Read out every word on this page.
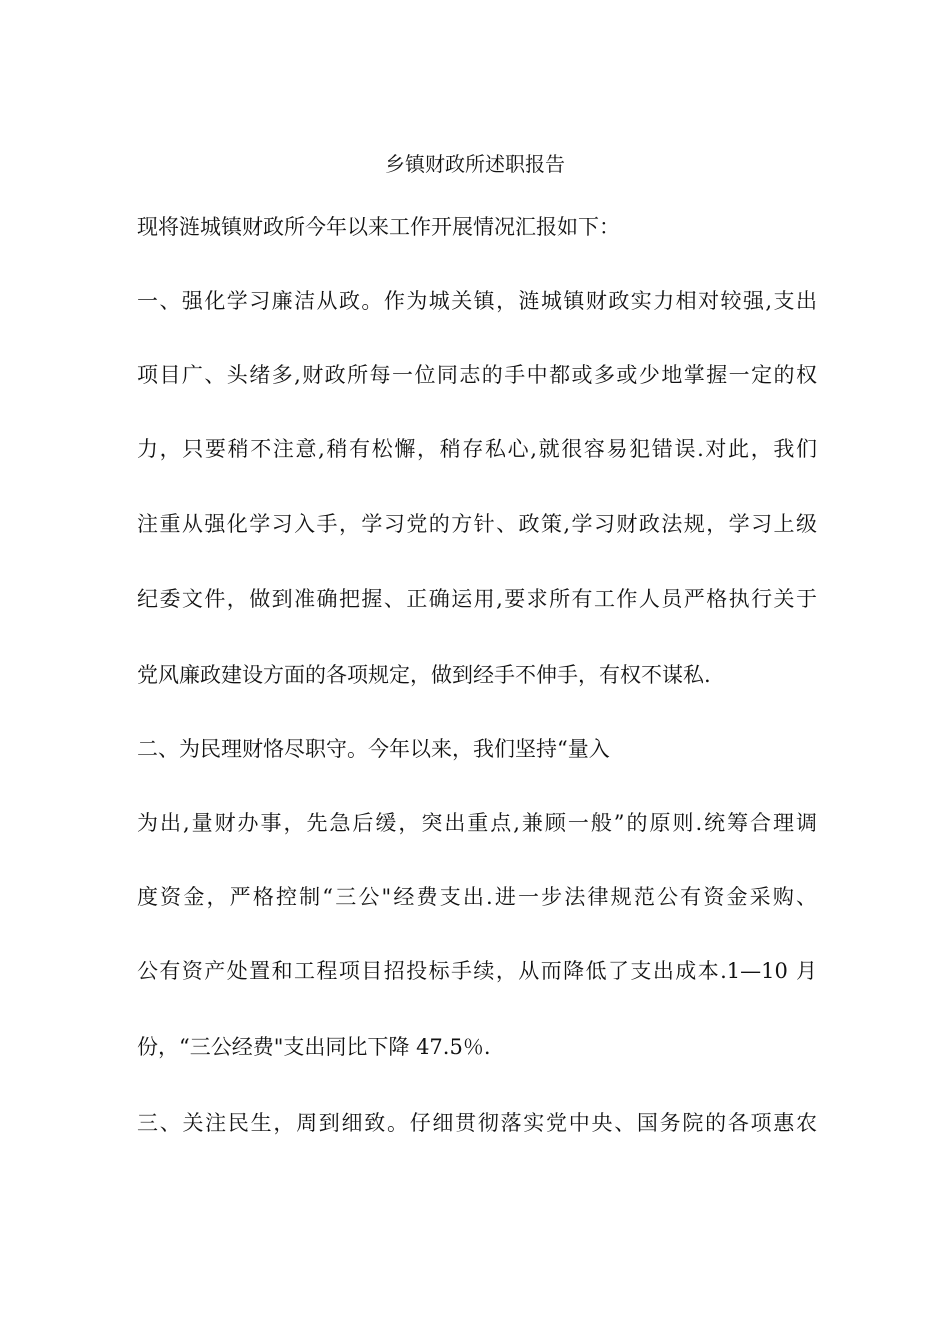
乡镇财政所述职报告
现将涟城镇财政所今年以来工作开展情况汇报如下：
一、强化学习廉洁从政。作为城关镇，涟城镇财政实力相对较强,支出
项目广、头绪多,财政所每一位同志的手中都或多或少地掌握一定的权
力，只要稍不注意,稍有松懈，稍存私心,就很容易犯错误.对此，我们
注重从强化学习入手，学习党的方针、政策,学习财政法规，学习上级
纪委文件，做到准确把握、正确运用,要求所有工作人员严格执行关于
党风廉政建设方面的各项规定，做到经手不伸手，有权不谋私.
二、为民理财恪尽职守。今年以来，我们坚持“量入
为出,量财办事，先急后缓，突出重点,兼顾一般”的原则.统筹合理调
度资金，严格控制“三公"经费支出.进一步法律规范公有资金采购、
公有资产处置和工程项目招投标手续，从而降低了支出成本.1—10 月
份，“三公经费"支出同比下降 47.5％.
三、关注民生，周到细致。仔细贯彻落实党中央、国务院的各项惠农
